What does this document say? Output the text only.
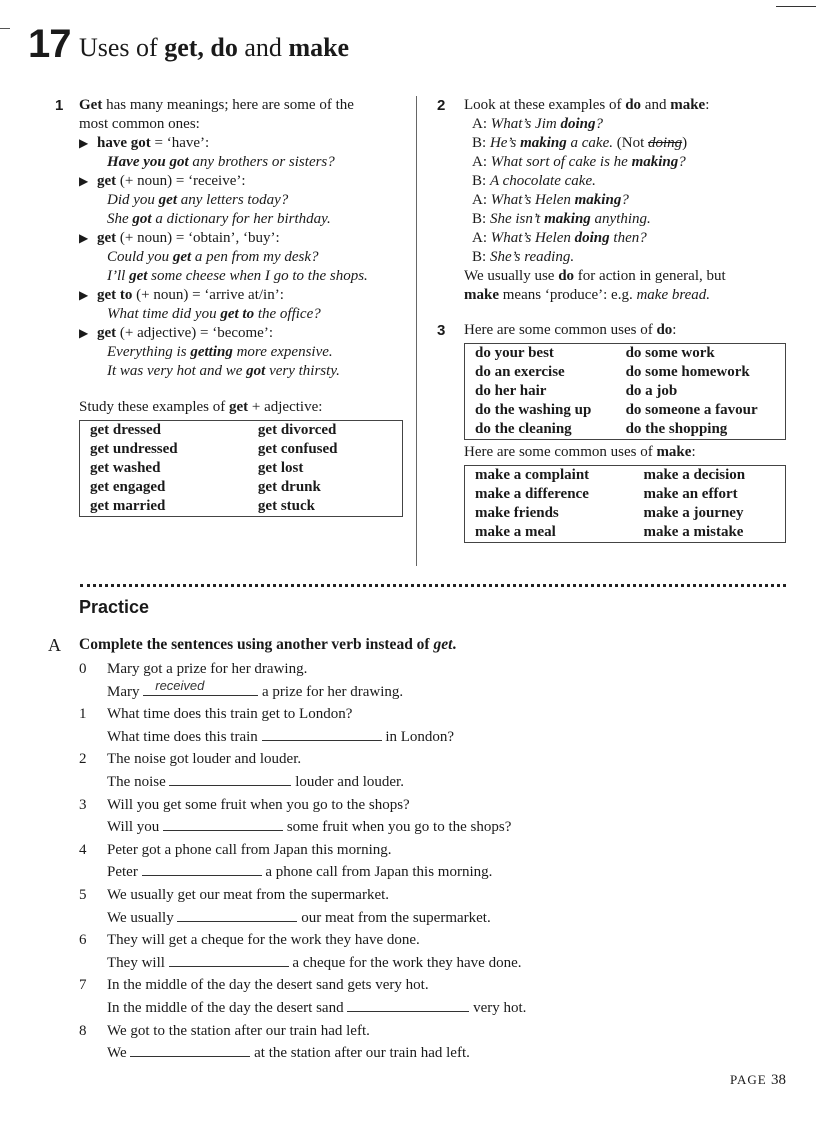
17 Uses of get, do and make
1 Get has many meanings; here are some of the
most common ones:
▶ have got = ‘have’:
Have you got any brothers or sisters?
▶ get (+ noun) = ‘receive’:
Did you get any letters today?
She got a dictionary for her birthday.
▶ get (+ noun) = ‘obtain’, ‘buy’:
Could you get a pen from my desk?
I’ll get some cheese when I go to the shops.
▶ get to (+ noun) = ‘arrive at/in’:
What time did you get to the office?
▶ get (+ adjective) = ‘become’:
Everything is getting more expensive.
It was very hot and we got very thirsty.
Study these examples of get + adjective:
get dressed	get divorced
get undressed	get confused
get washed	get lost
get engaged	get drunk
get married	get stuck
2 Look at these examples of do and make:
A: What’s Jim doing?
B: He’s making a cake. (Not doing)
A: What sort of cake is he making?
B: A chocolate cake.
A: What’s Helen making?
B: She isn’t making anything.
A: What’s Helen doing then?
B: She’s reading.
We usually use do for action in general, but
make means ‘produce’: e.g. make bread.
3 Here are some common uses of do:
do your best	do some work
do an exercise	do some homework
do her hair	do a job
do the washing up	do someone a favour
do the cleaning	do the shopping
Here are some common uses of make:
make a complaint	make a decision
make a difference	make an effort
make friends	make a journey
make a meal	make a mistake
Practice
A Complete the sentences using another verb instead of get.
0 Mary got a prize for her drawing.
Mary received	a prize for her drawing.
1 What time does this train get to London?
What time does this train	in London?
2 The noise got louder and louder.
The noise	louder and louder.
3 Will you get some fruit when you go to the shops?
Will you	some fruit when you go to the shops?
4 Peter got a phone call from Japan this morning.
Peter	a phone call from Japan this morning.
5 We usually get our meat from the supermarket.
We usually	our meat from the supermarket.
6 They will get a cheque for the work they have done.
They will	a cheque for the work they have done.
7 In the middle of the day the desert sand gets very hot.
In the middle of the day the desert sand	very hot.
8 We got to the station after our train had left.
We	at the station after our train had left.
PAGE 38
